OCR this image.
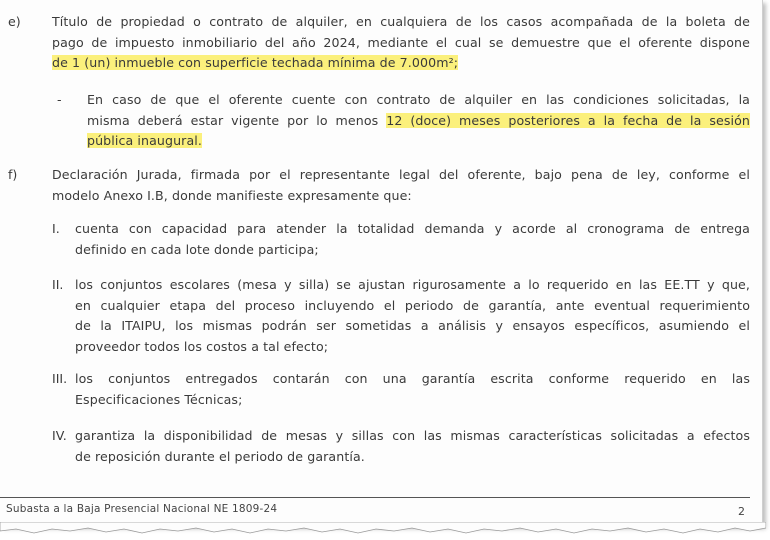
e) Título de propiedad o contrato de alquiler, en cualquiera de los casos acompañada de la boleta de
pago de impuesto inmobiliario del año 2024, mediante el cual se demuestre que el oferente dispone
de 1 (un) inmueble con superficie techada mínima de 7.000m²;
- En caso de que el oferente cuente con contrato de alquiler en las condiciones solicitadas, la
misma deberá estar vigente por lo menos 12 (doce) meses posteriores a la fecha de la sesión
pública inaugural.
f)	Declaración Jurada, firmada por el representante legal del oferente, bajo pena de ley, conforme el
modelo Anexo I.B, donde manifieste expresamente que:
I. cuenta con capacidad para atender la totalidad demanda y acorde al cronograma de entrega
definido en cada lote donde participa;
II. los conjuntos escolares (mesa y silla) se ajustan rigurosamente a lo requerido en las EE.TT y que,
en cualquier etapa del proceso incluyendo el periodo de garantía, ante eventual requerimiento
de la ITAIPU, los mismas podrán ser sometidas a análisis y ensayos específicos, asumiendo el
proveedor todos los costos a tal efecto;
III. los conjuntos entregados contarán con una garantía escrita conforme requerido en las
Especificaciones Técnicas;
IV. garantiza la disponibilidad de mesas y sillas con las mismas características solicitadas a efectos
de reposición durante el periodo de garantía.
Subasta a la Baja Presencial Nacional NE 1809-24	2
